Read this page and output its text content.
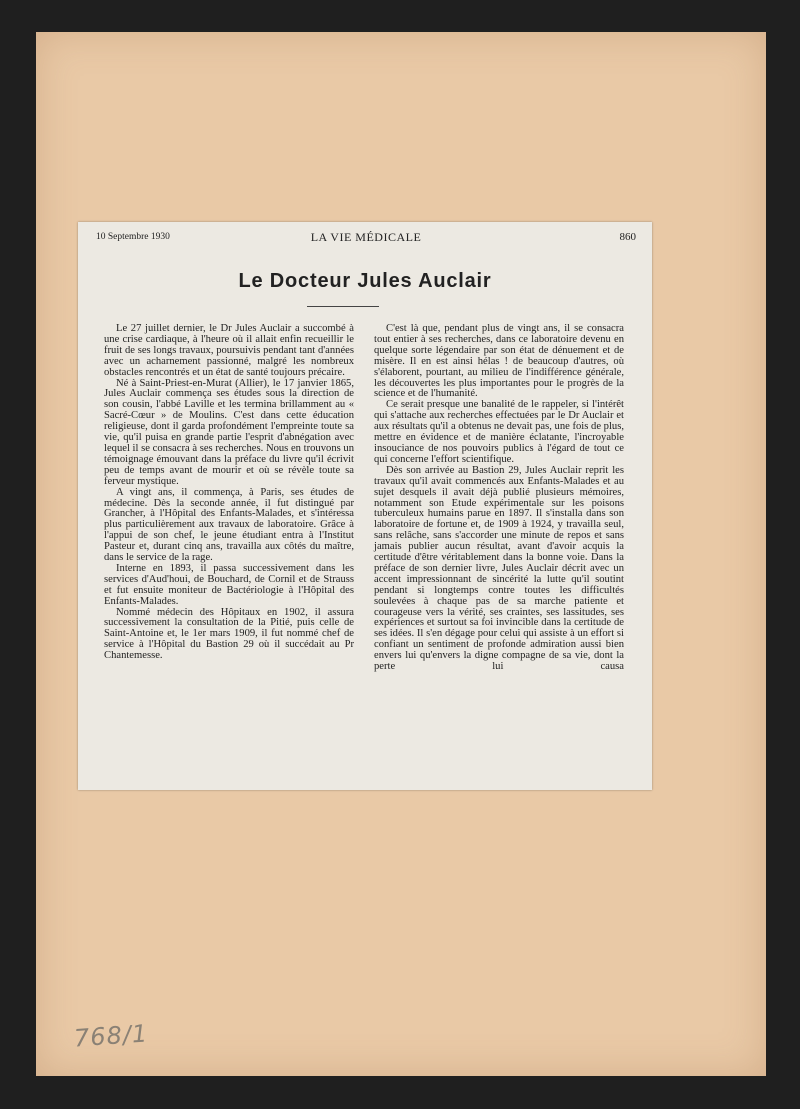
10 Septembre 1930	LA VIE MÉDICALE	860
Le Docteur Jules Auclair

Le 27 juillet dernier, le Dr Jules Auclair a succombé à une crise cardiaque, à l'heure où il allait enfin recueillir le fruit de ses longs travaux, poursuivis pendant tant d'années avec un acharnement passionné, malgré les nombreux obstacles rencontrés et un état de santé toujours précaire.

Né à Saint-Priest-en-Murat (Allier), le 17 janvier 1865, Jules Auclair commença ses études sous la direction de son cousin, l'abbé Laville et les termina brillamment au « Sacré-Cœur » de Moulins. C'est dans cette éducation religieuse, dont il garda profondément l'empreinte toute sa vie, qu'il puisa en grande partie l'esprit d'abnégation avec lequel il se consacra à ses recherches. Nous en trouvons un témoignage émouvant dans la préface du livre qu'il écrivit peu de temps avant de mourir et où se révèle toute sa ferveur mystique.

A vingt ans, il commença, à Paris, ses études de médecine. Dès la seconde année, il fut distingué par Grancher, à l'Hôpital des Enfants-Malades, et s'intéressa plus particulièrement aux travaux de laboratoire. Grâce à l'appui de son chef, le jeune étudiant entra à l'Institut Pasteur et, durant cinq ans, travailla aux côtés du maître, dans le service de la rage.

Interne en 1893, il passa successivement dans les services d'Aud'houi, de Bouchard, de Cornil et de Strauss et fut ensuite moniteur de Bactériologie à l'Hôpital des Enfants-Malades.

Nommé médecin des Hôpitaux en 1902, il assura successivement la consultation de la Pitié, puis celle de Saint-Antoine et, le 1er mars 1909, il fut nommé chef de service à l'Hôpital du Bastion 29 où il succédait au Pr Chantemesse.

C'est là que, pendant plus de vingt ans, il se consacra tout entier à ses recherches, dans ce laboratoire devenu en quelque sorte légendaire par son état de dénuement et de misère. Il en est ainsi hélas ! de beaucoup d'autres, où s'élaborent, pourtant, au milieu de l'indifférence générale, les découvertes les plus importantes pour le progrès de la science et de l'humanité.

Ce serait presque une banalité de le rappeler, si l'intérêt qui s'attache aux recherches effectuées par le Dr Auclair et aux résultats qu'il a obtenus ne devait pas, une fois de plus, mettre en évidence et de manière éclatante, l'incroyable insouciance de nos pouvoirs publics à l'égard de tout ce qui concerne l'effort scientifique.

Dès son arrivée au Bastion 29, Jules Auclair reprit les travaux qu'il avait commencés aux Enfants-Malades et au sujet desquels il avait déjà publié plusieurs mémoires, notamment son Etude expérimentale sur les poisons tuberculeux humains parue en 1897. Il s'installa dans son laboratoire de fortune et, de 1909 à 1924, y travailla seul, sans relâche, sans s'accorder une minute de repos et sans jamais publier aucun résultat, avant d'avoir acquis la certitude d'être véritablement dans la bonne voie. Dans la préface de son dernier livre, Jules Auclair décrit avec un accent impressionnant de sincérité la lutte qu'il soutint pendant si longtemps contre toutes les difficultés soulevées à chaque pas de sa marche patiente et courageuse vers la vérité, ses craintes, ses lassitudes, ses expériences et surtout sa foi invincible dans la certitude de ses idées. Il s'en dégage pour celui qui assiste à un effort si confiant un sentiment de profonde admiration aussi bien envers lui qu'envers la digne compagne de sa vie, dont la perte lui causa

768/1
